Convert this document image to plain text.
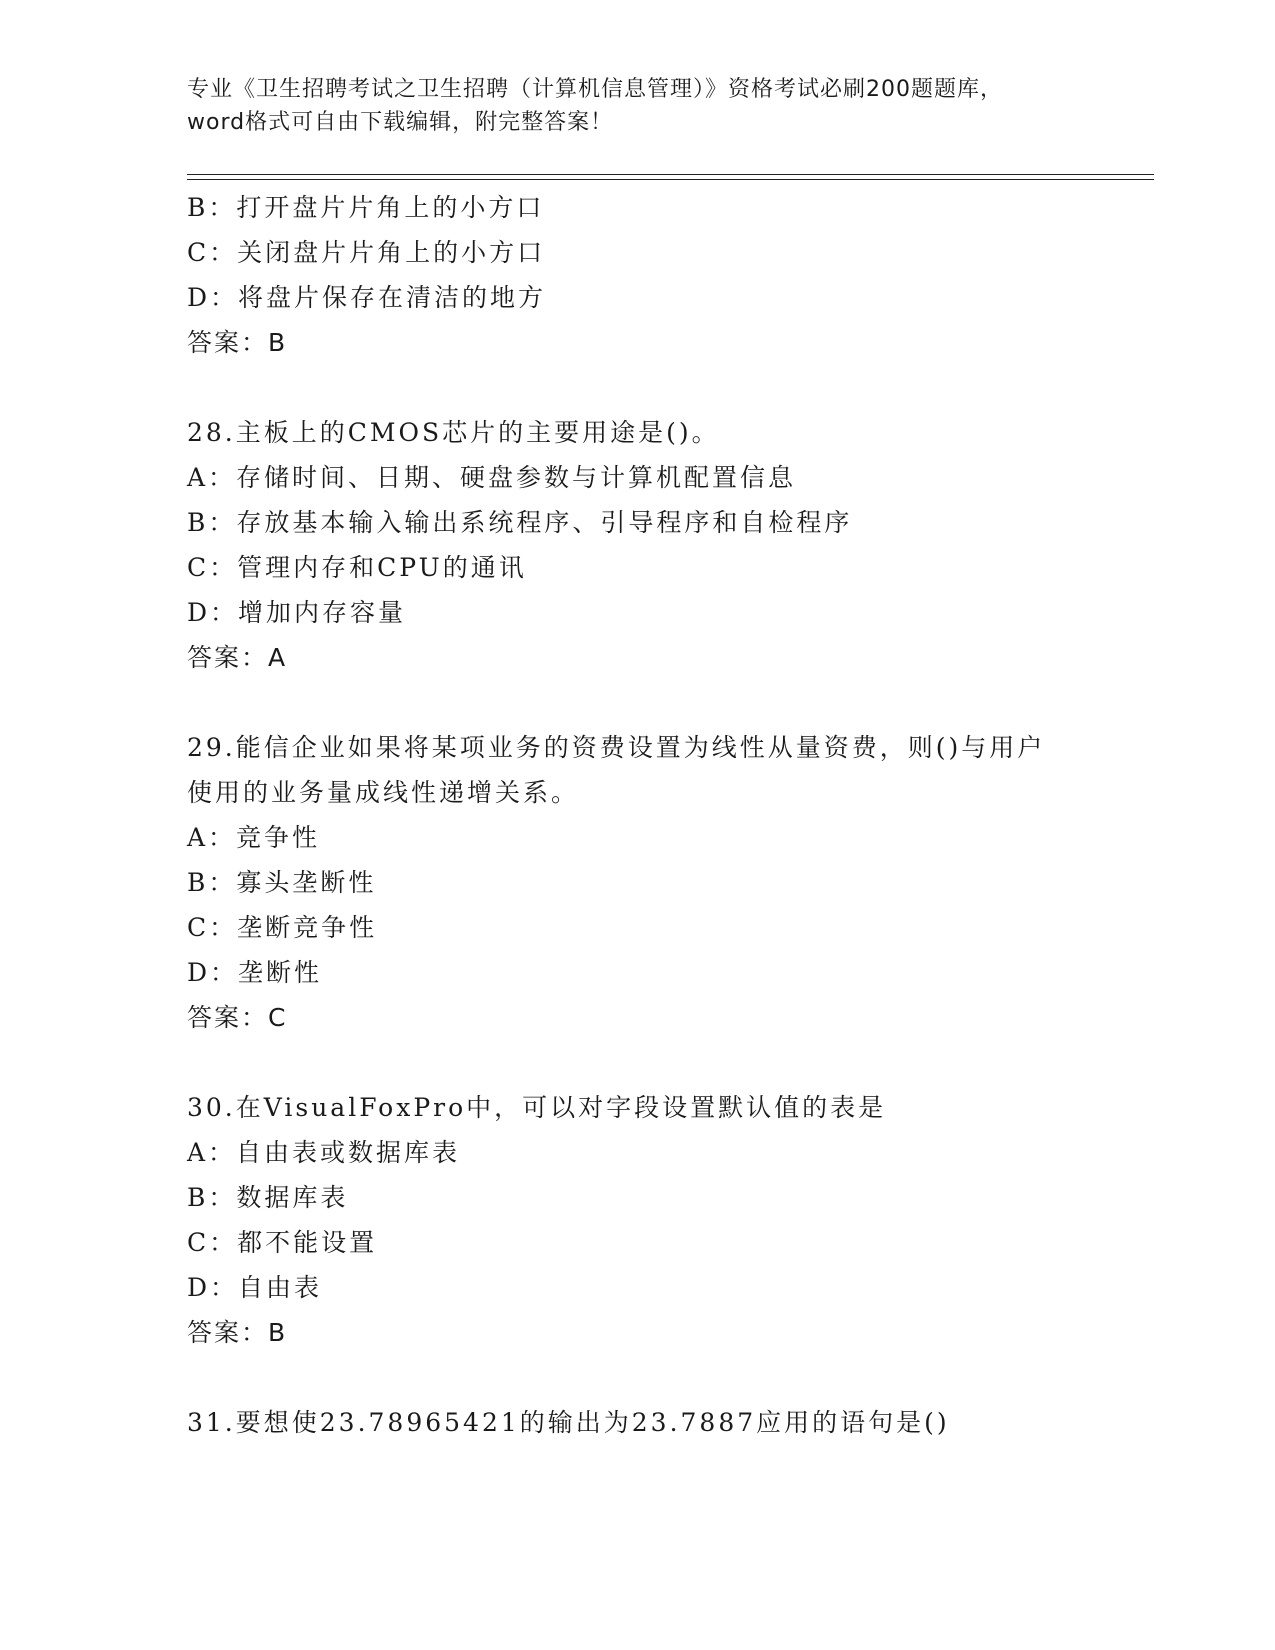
专业《卫生招聘考试之卫生招聘（计算机信息管理）》资格考试必刷200题题库，
word格式可自由下载编辑，附完整答案！
B：打开盘片片角上的小方口
C：关闭盘片片角上的小方口
D：将盘片保存在清洁的地方
答案：B
28.主板上的CMOS芯片的主要用途是()。
A：存储时间、日期、硬盘参数与计算机配置信息
B：存放基本输入输出系统程序、引导程序和自检程序
C：管理内存和CPU的通讯
D：增加内存容量
答案：A
29.能信企业如果将某项业务的资费设置为线性从量资费，则()与用户
使用的业务量成线性递增关系。
A：竞争性
B：寡头垄断性
C：垄断竞争性
D：垄断性
答案：C
30.在VisualFoxPro中，可以对字段设置默认值的表是
A：自由表或数据库表
B：数据库表
C：都不能设置
D：自由表
答案：B
31.要想使23.78965421的输出为23.7887应用的语句是()
